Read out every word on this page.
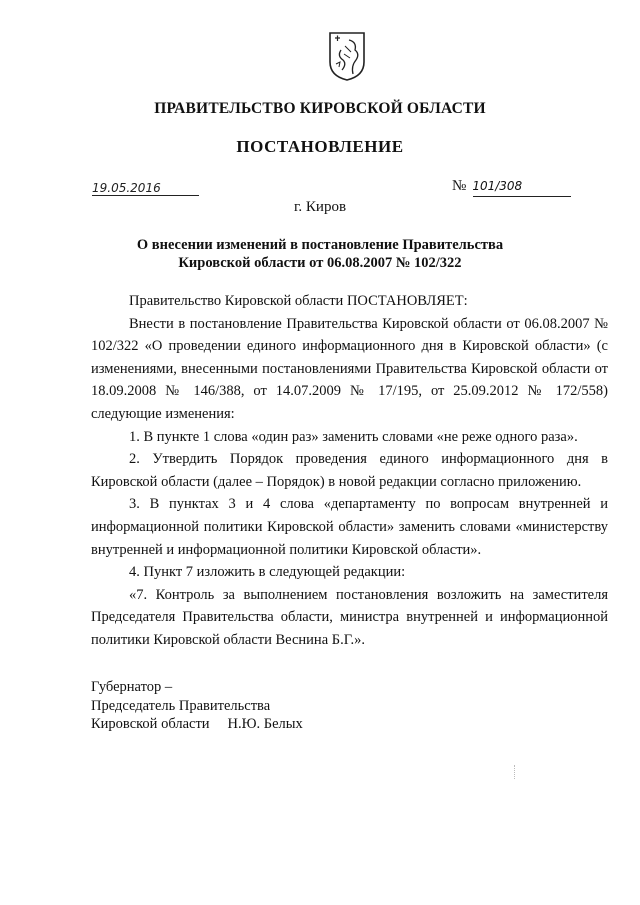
ПРАВИТЕЛЬСТВО КИРОВСКОЙ ОБЛАСТИ
ПОСТАНОВЛЕНИЕ
19.05.2016	№ 101/308
г. Киров
О внесении изменений в постановление Правительства
Кировской области от 06.08.2007 № 102/322

Правительство Кировской области ПОСТАНОВЛЯЕТ:

Внести в постановление Правительства Кировской области от 06.08.2007 № 102/322 «О проведении единого информационного дня в Кировской области» (с изменениями, внесенными постановлениями Правительства Кировской области от 18.09.2008 № 146/388, от 14.07.2009 № 17/195, от 25.09.2012 № 172/558) следующие изменения:

1. В пункте 1 слова «один раз» заменить словами «не реже одного раза».

2. Утвердить Порядок проведения единого информационного дня в Кировской области (далее – Порядок) в новой редакции согласно приложению.

3. В пунктах 3 и 4 слова «департаменту по вопросам внутренней и информационной политики Кировской области» заменить словами «министерству внутренней и информационной политики Кировской области».

4. Пункт 7 изложить в следующей редакции:

«7. Контроль за выполнением постановления возложить на заместителя Председателя Правительства области, министра внутренней и информационной политики Кировской области Веснина Б.Г.».

Губернатор –
Председатель Правительства
Кировской области Н.Ю. Белых
